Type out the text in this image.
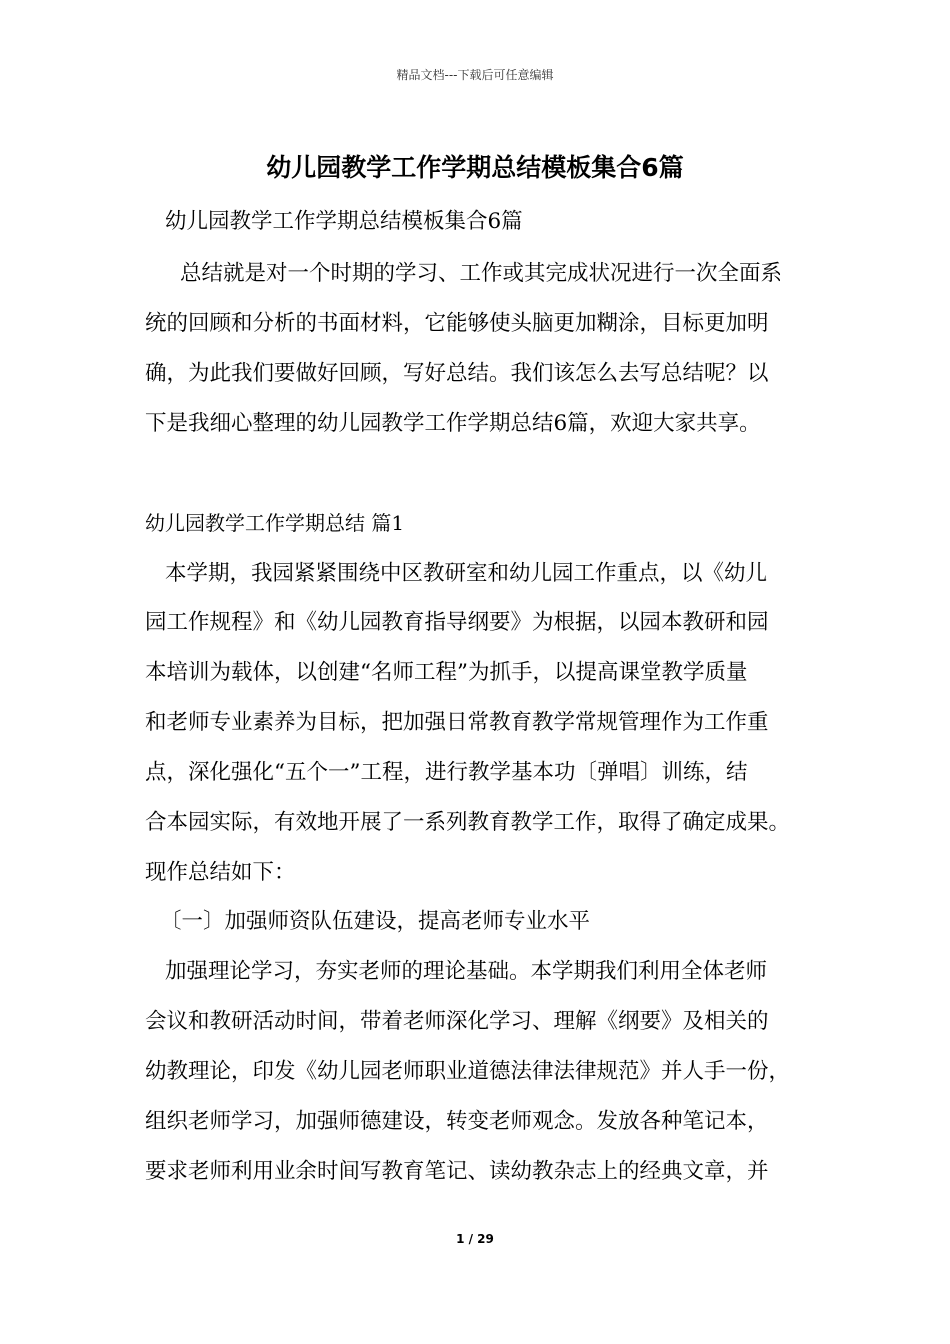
精品文档---下载后可任意编辑
幼儿园教学工作学期总结模板集合6篇
幼儿园教学工作学期总结模板集合6篇
总结就是对一个时期的学习、工作或其完成状况进行一次全面系
统的回顾和分析的书面材料，它能够使头脑更加糊涂，目标更加明
确，为此我们要做好回顾，写好总结。我们该怎么去写总结呢？以
下是我细心整理的幼儿园教学工作学期总结6篇，欢迎大家共享。
幼儿园教学工作学期总结 篇1
本学期，我园紧紧围绕中区教研室和幼儿园工作重点，以《幼儿
园工作规程》和《幼儿园教育指导纲要》为根据，以园本教研和园
本培训为载体，以创建“名师工程”为抓手，以提高课堂教学质量
和老师专业素养为目标，把加强日常教育教学常规管理作为工作重
点，深化强化“五个一”工程，进行教学基本功〔弹唱〕训练，结
合本园实际，有效地开展了一系列教育教学工作，取得了确定成果。
现作总结如下：
〔一〕加强师资队伍建设，提高老师专业水平
加强理论学习，夯实老师的理论基础。本学期我们利用全体老师
会议和教研活动时间，带着老师深化学习、理解《纲要》及相关的
幼教理论，印发《幼儿园老师职业道德法律法律规范》并人手一份，
组织老师学习，加强师德建设，转变老师观念。发放各种笔记本，
要求老师利用业余时间写教育笔记、读幼教杂志上的经典文章，并
1 / 29
